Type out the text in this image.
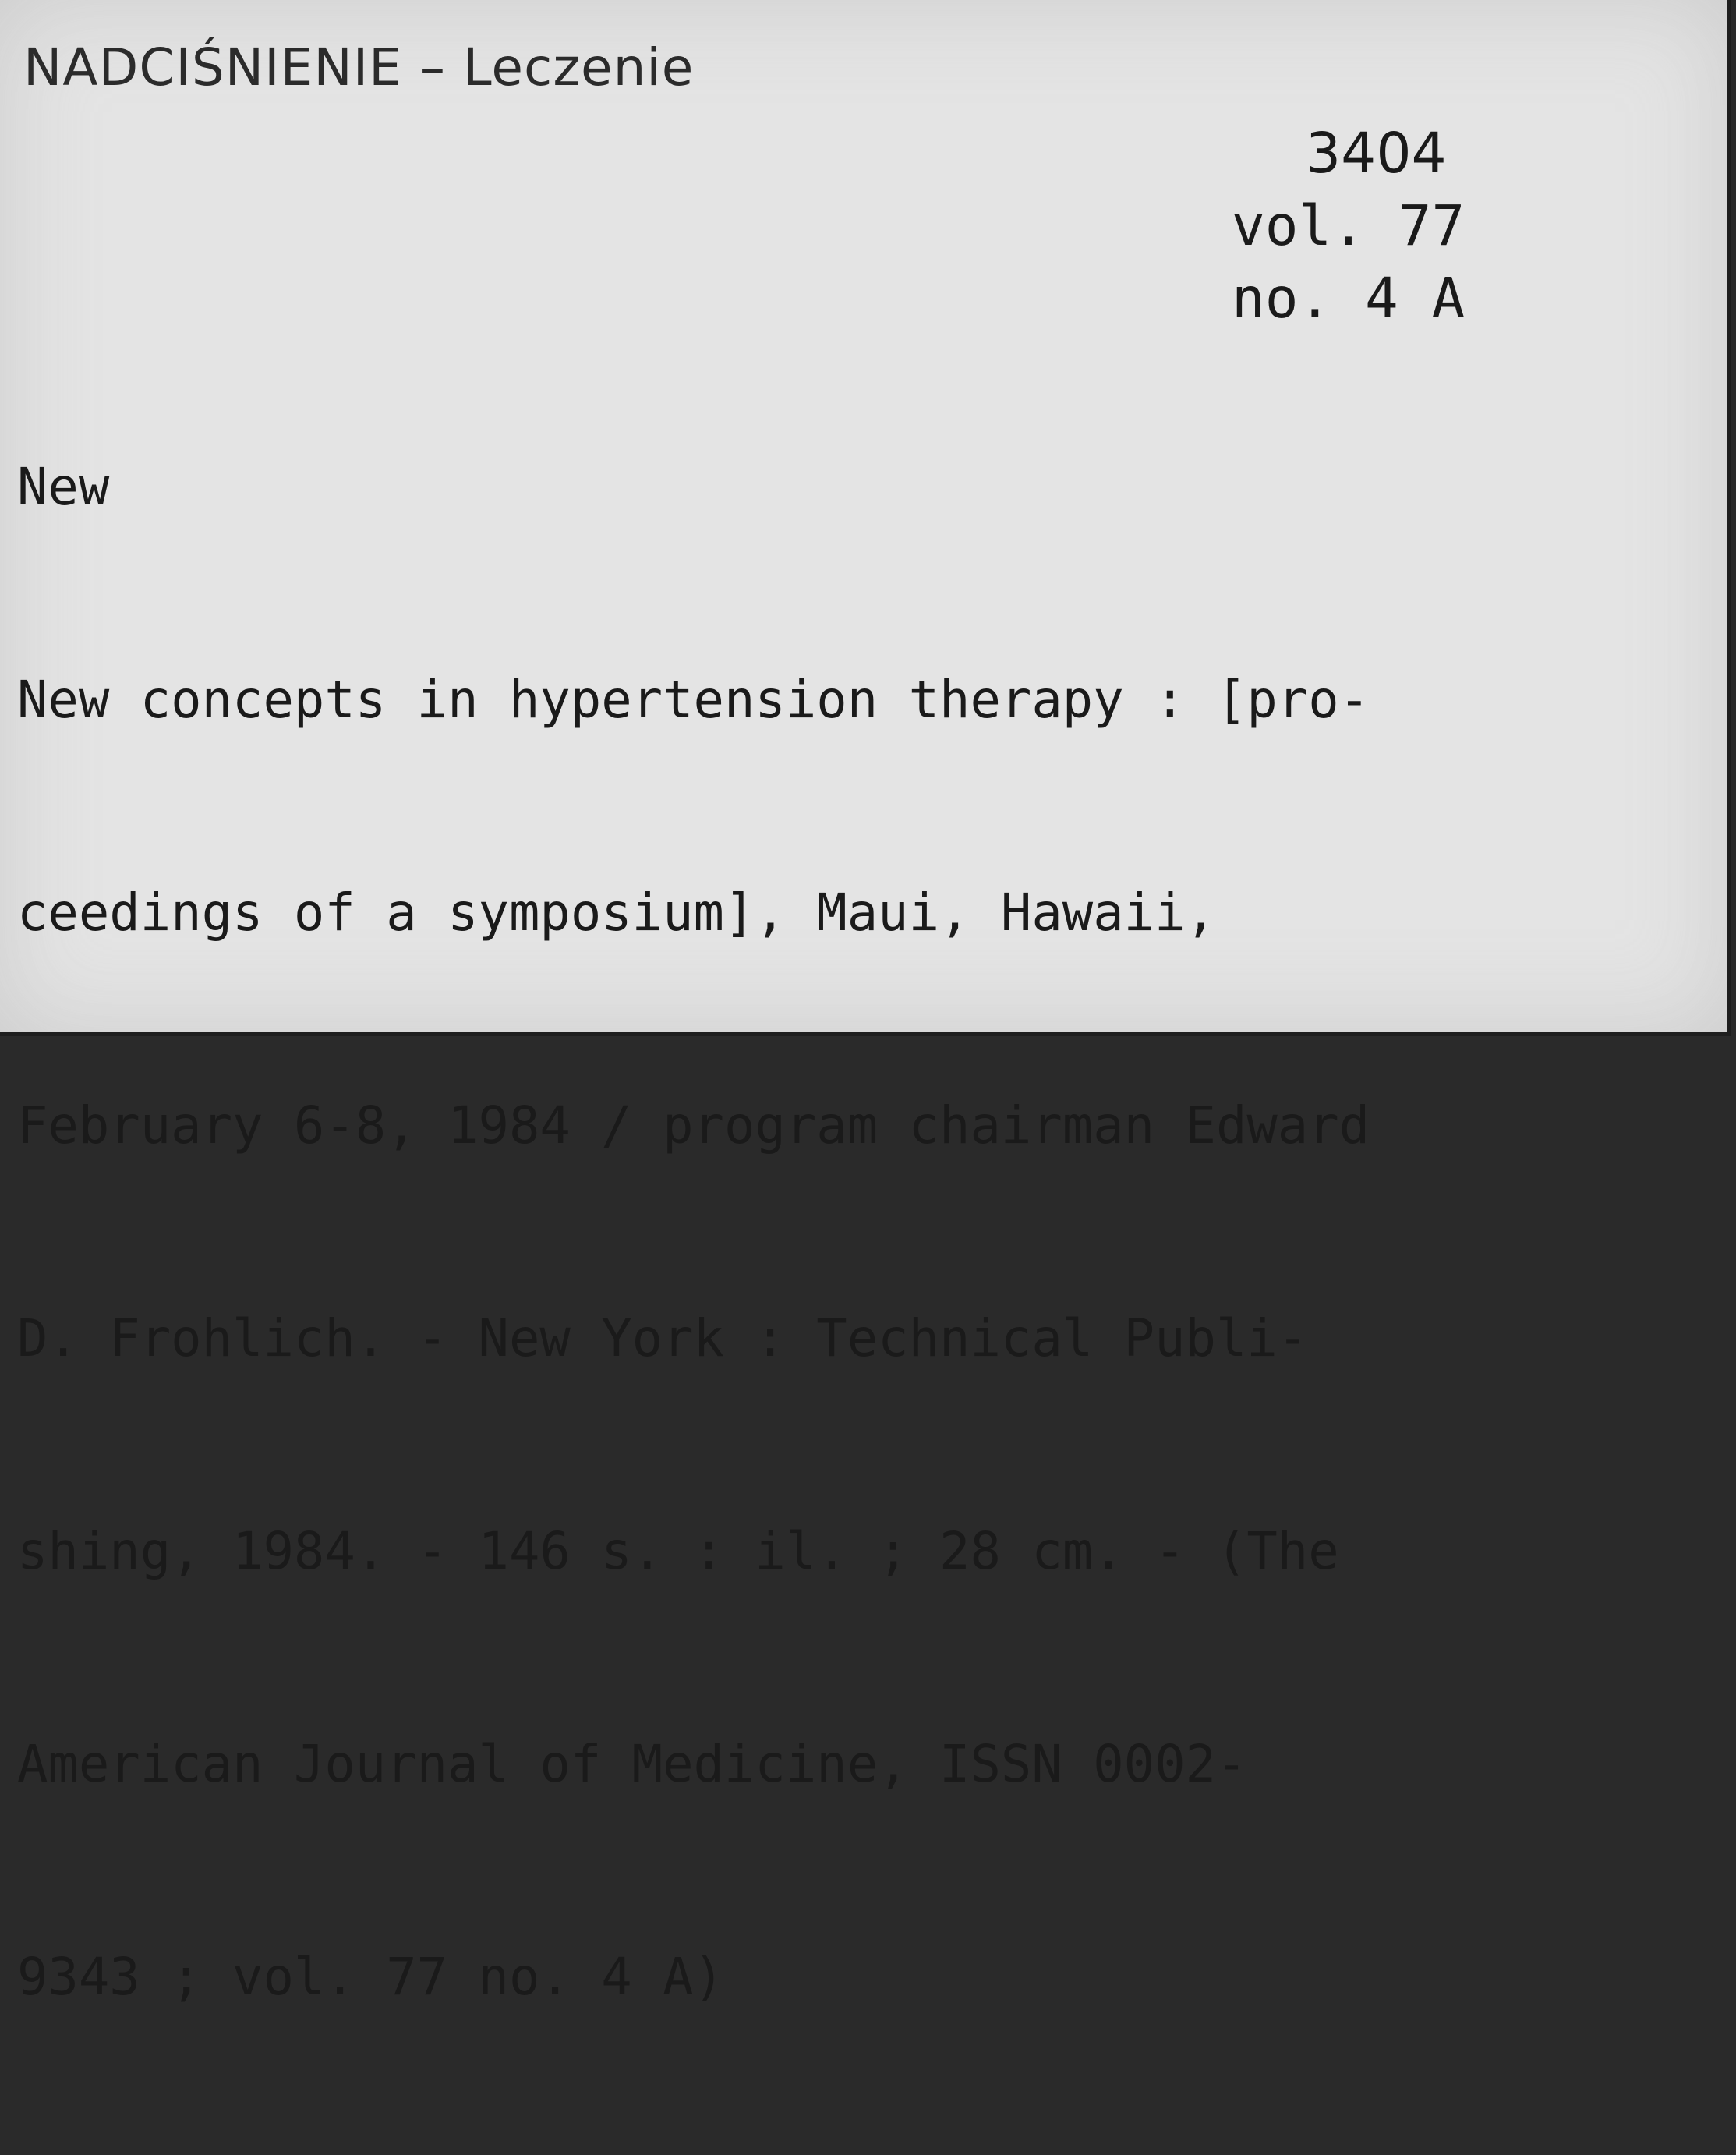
NADCIŚNIENIE – Leczenie
3404
vol. 77
no. 4 A

New

New concepts in hypertension therapy : [pro-

ceedings of a symposium], Maui, Hawaii,

February 6-8, 1984 / program chairman Edward

D. Frohlich. - New York : Technical Publi-

shing, 1984. - 146 s. : il. ; 28 cm. - (The

American Journal of Medicine, ISSN 0002-

9343 ; vol. 77 no. 4 A)
